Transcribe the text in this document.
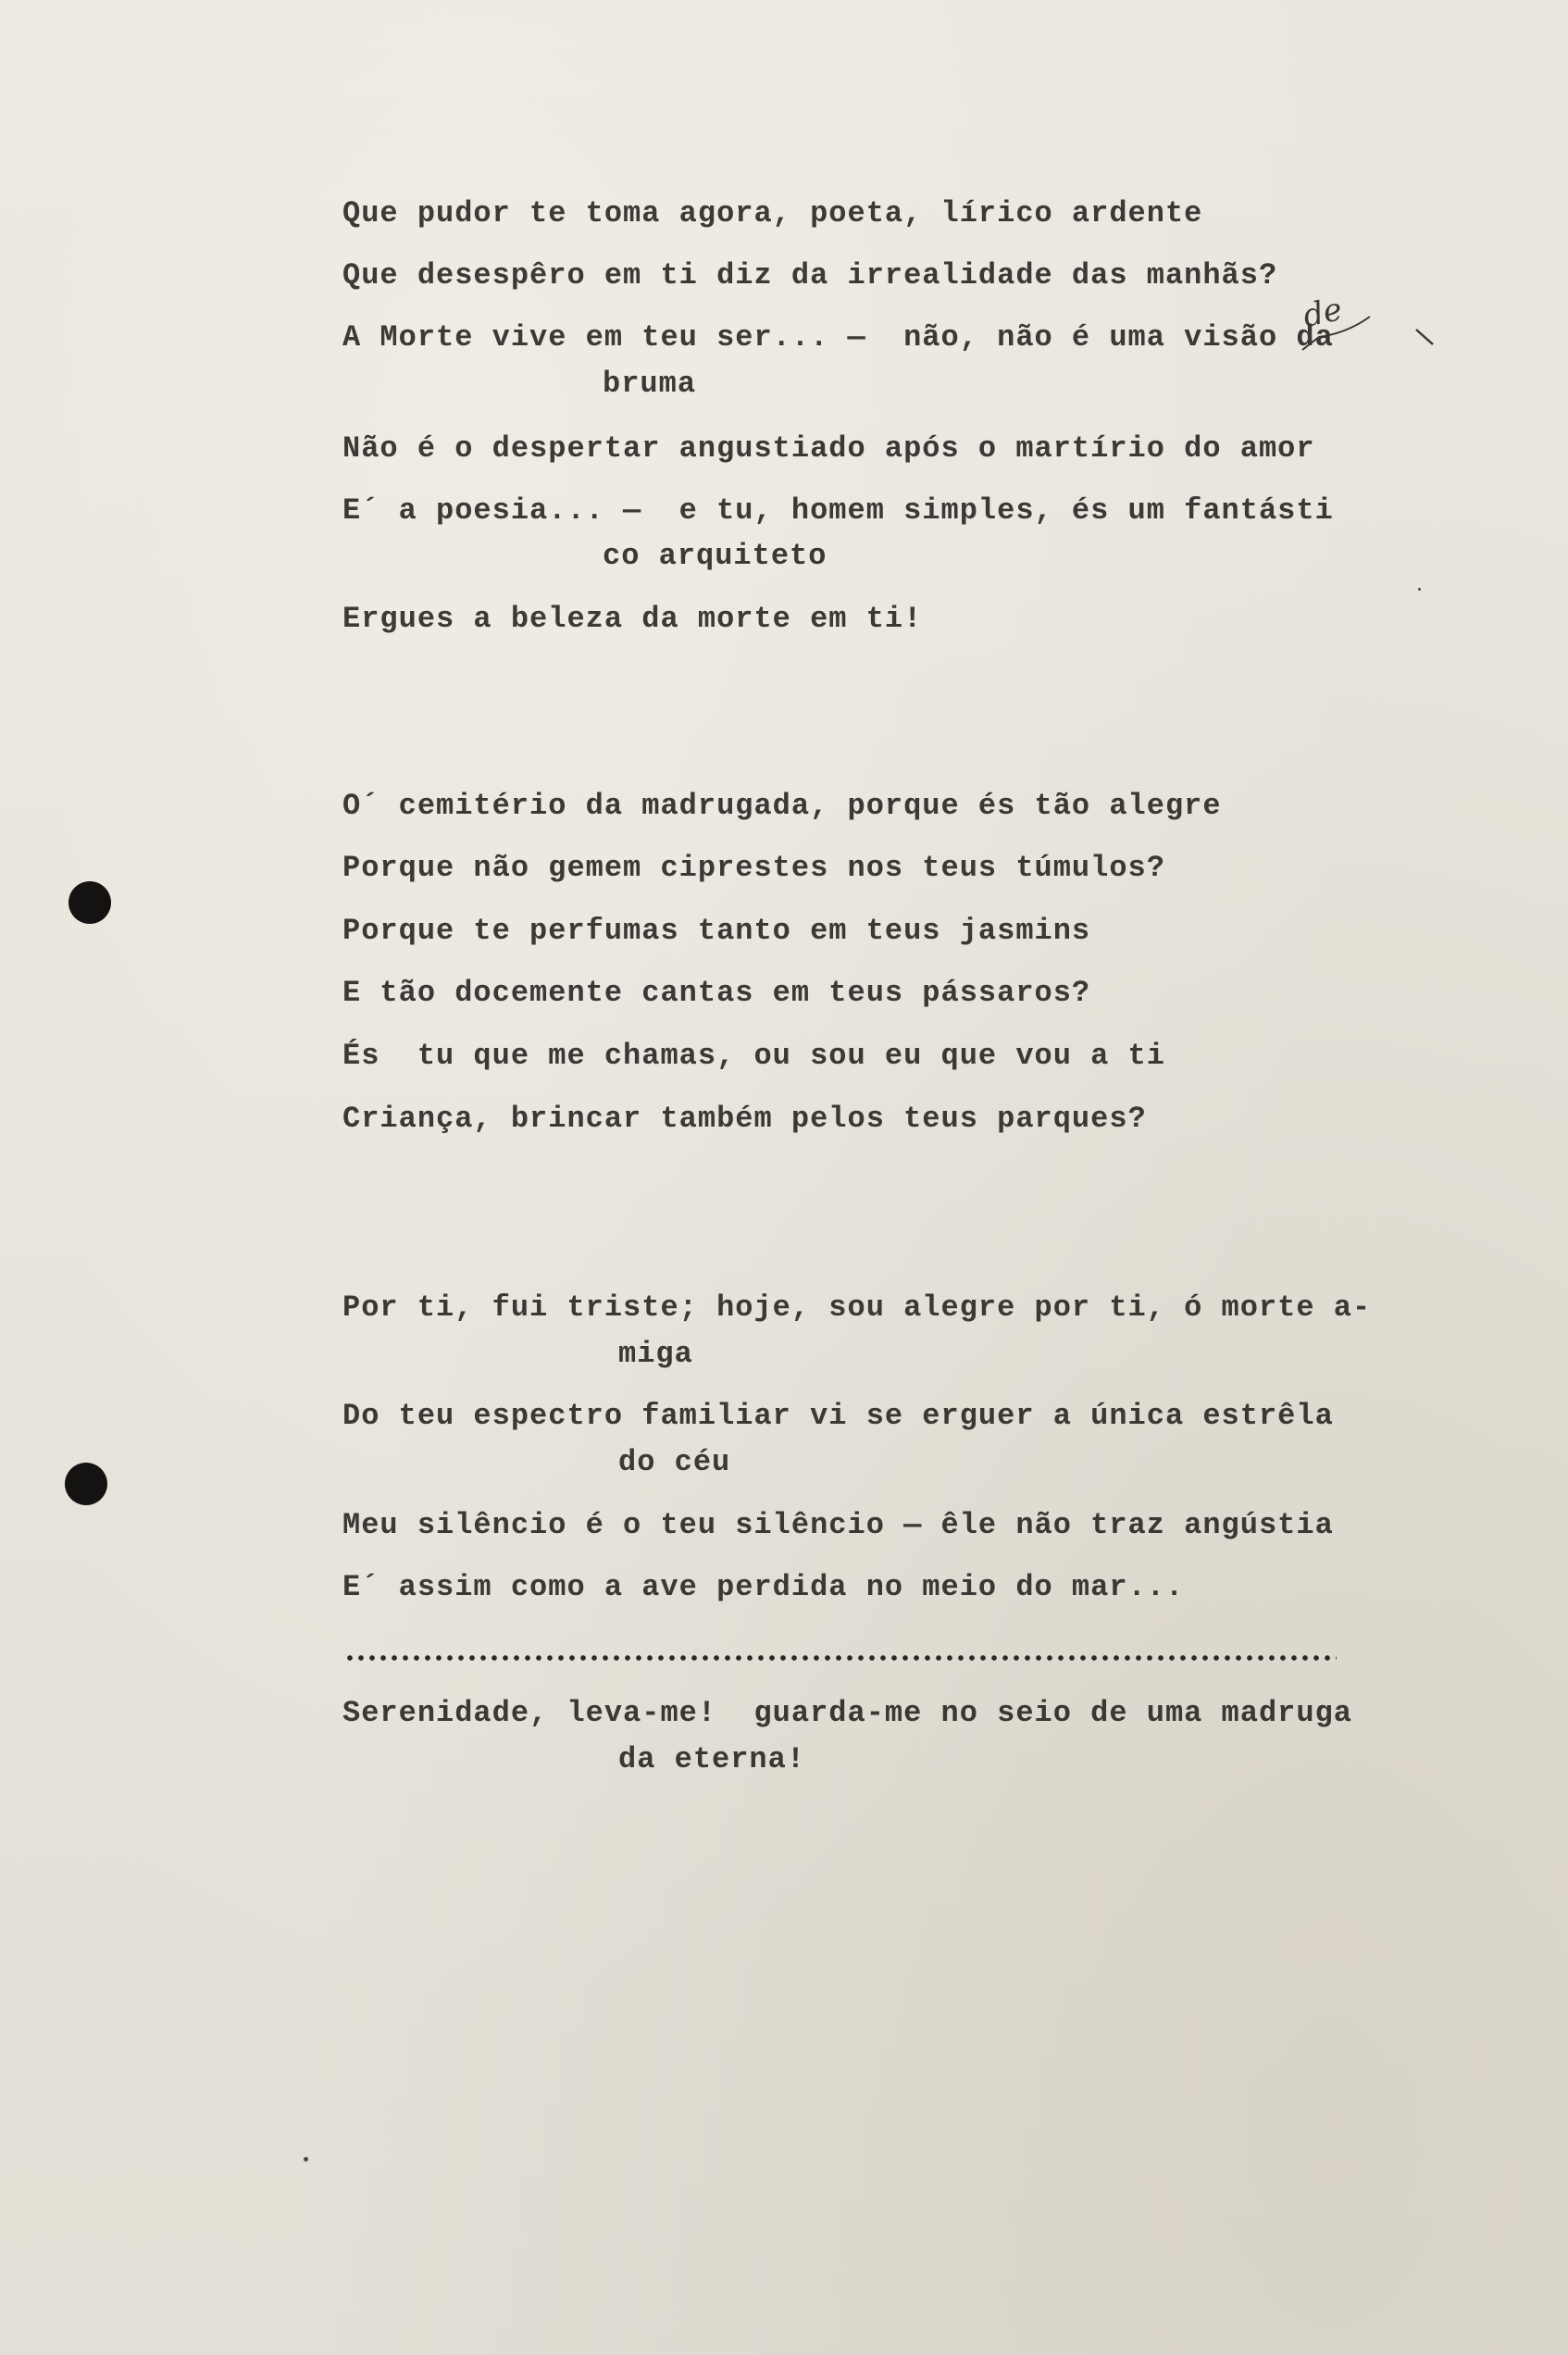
Que pudor te toma agora, poeta, lírico ardente
Que desespêro em ti diz da irrealidade das manhãs?
A Morte vive em teu ser... —  não, não é uma visão da
bruma
Não é o despertar angustiado após o martírio do amor
E´ a poesia... —  e tu, homem simples, és um fantásti
co arquiteto
Ergues a beleza da morte em ti!
de
O´ cemitério da madrugada, porque és tão alegre
Porque não gemem ciprestes nos teus túmulos?
Porque te perfumas tanto em teus jasmins
E tão docemente cantas em teus pássaros?
És  tu que me chamas, ou sou eu que vou a ti
Criança, brincar também pelos teus parques?
Por ti, fui triste; hoje, sou alegre por ti, ó morte a-
miga
Do teu espectro familiar vi se erguer a única estrêla
do céu
Meu silêncio é o teu silêncio — êle não traz angústia
E´ assim como a ave perdida no meio do mar...
Serenidade, leva-me!  guarda-me no seio de uma madruga
da eterna!
